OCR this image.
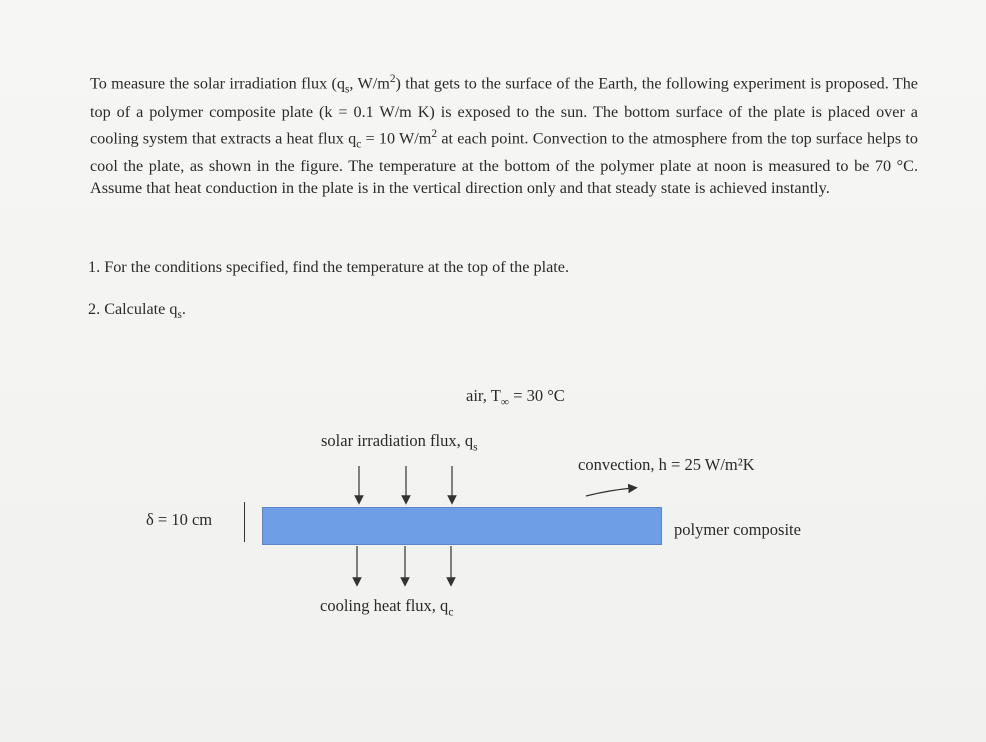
To measure the solar irradiation flux ($q_s$, $W/m^2$) that gets to the surface of the Earth, the following experiment is proposed. The top of a polymer composite plate (k = 0.1 W/m K) is exposed to the sun. The bottom surface of the plate is placed over a cooling system that extracts a heat flux $q_c = 10$ $W/m^2$ at each point. Convection to the atmosphere from the top surface helps to cool the plate, as shown in the figure. The temperature at the bottom of the polymer plate at noon is measured to be 70 °C. Assume that heat conduction in the plate is in the vertical direction only and that steady state is achieved instantly.
1. For the conditions specified, find the temperature at the top of the plate.
2. Calculate $q_s$.
air, $T_\infty = 30$ °C
solar irradiation flux, $q_s$
convection, h = 25 W/m²K
δ = 10 cm
polymer composite
cooling heat flux, $q_c$
